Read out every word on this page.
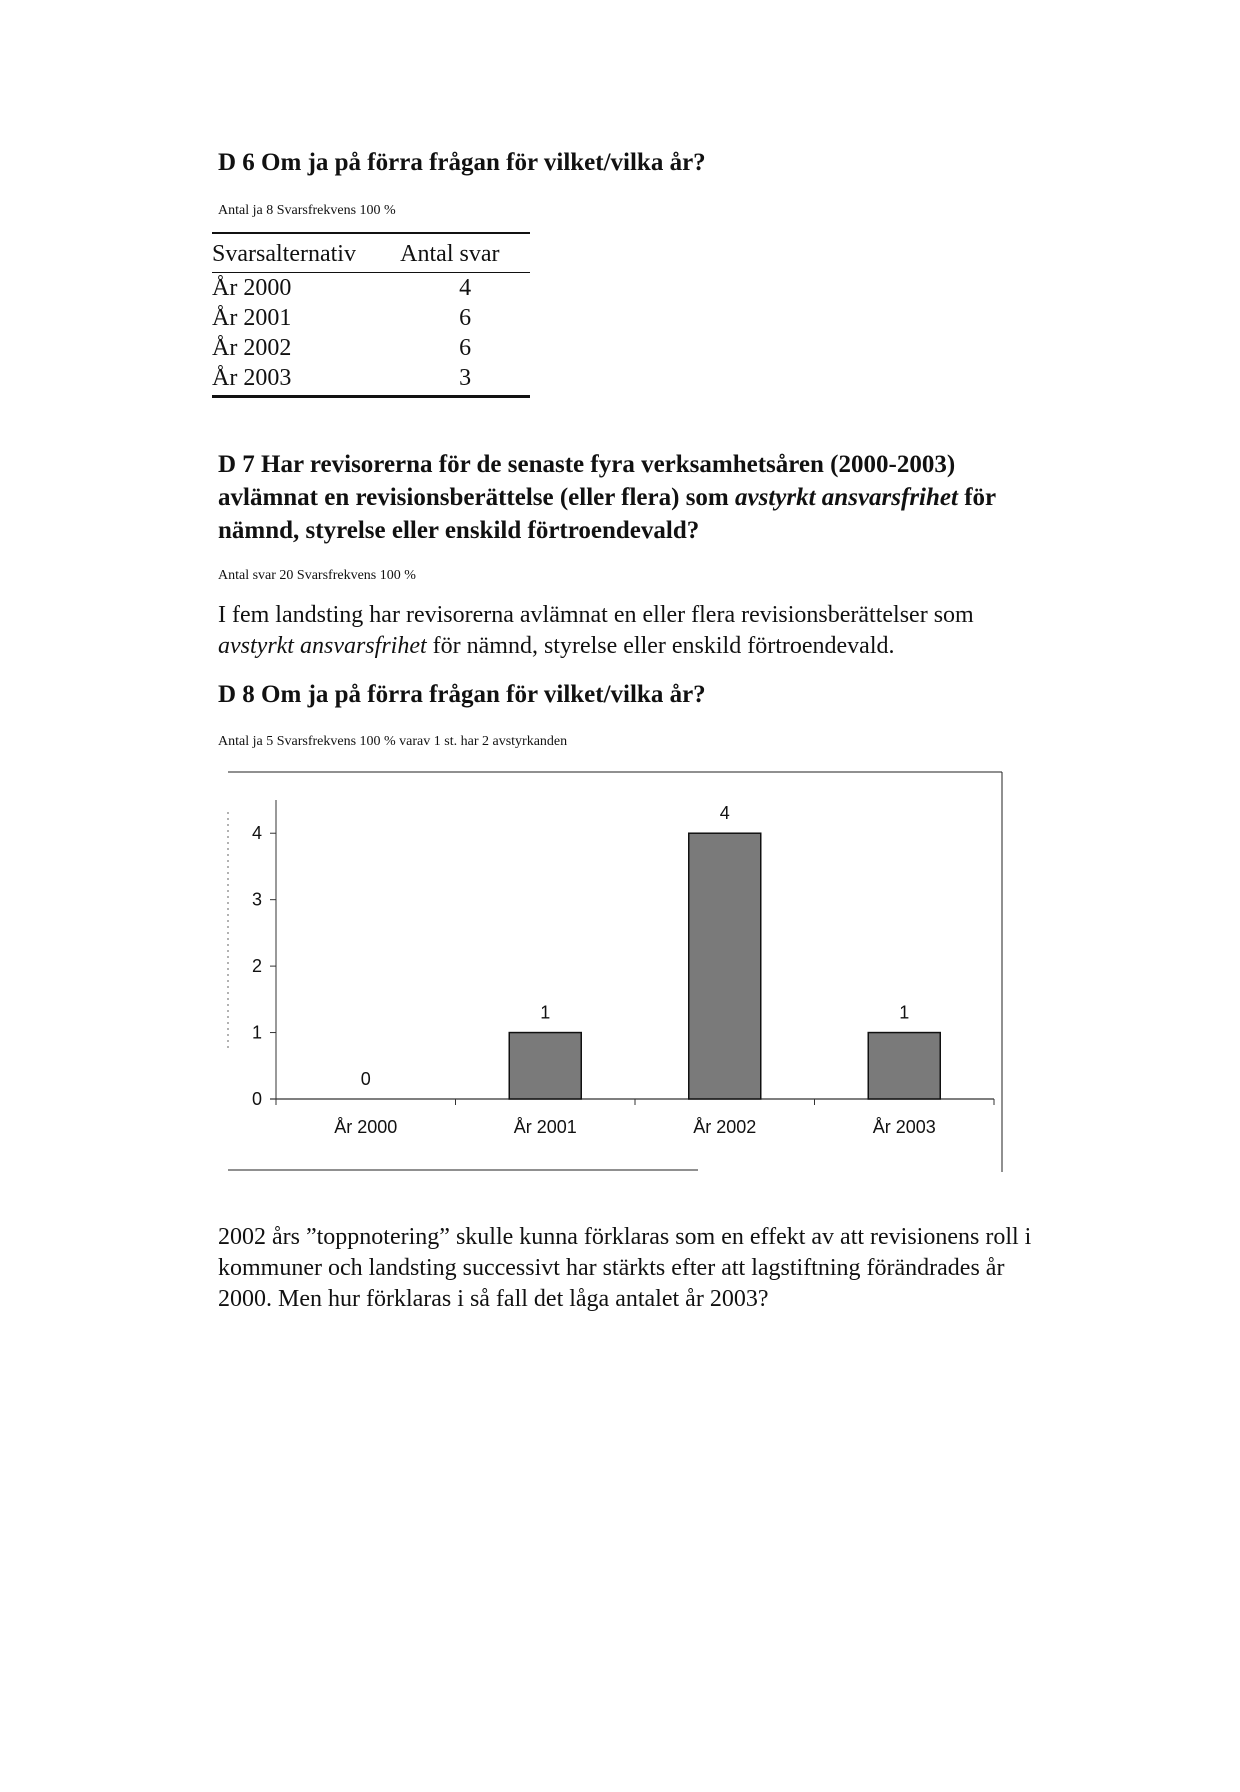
D 6 Om ja på förra frågan för vilket/vilka år?
Antal ja 8 Svarsfrekvens 100 %
Svarsalternativ	Antal svar
År 2000	4
År 2001	6
År 2002	6
År 2003	3
D 7 Har revisorerna för de senaste fyra verksamhetsåren (2000-2003) avlämnat en revisionsberättelse (eller flera) som avstyrkt ansvarsfrihet för nämnd, styrelse eller enskild förtroendevald?
Antal svar 20 Svarsfrekvens 100 %

I fem landsting har revisorerna avlämnat en eller flera revisionsberättelser som avstyrkt ansvarsfrihet för nämnd, styrelse eller enskild förtroendevald.

D 8 Om ja på förra frågan för vilket/vilka år?
Antal ja 5 Svarsfrekvens 100 % varav 1 st. har 2 avstyrkanden
0
1
2
3
4
0
År 2000
1
År 2001
4
År 2002
1
År 2003

2002 års ”toppnotering” skulle kunna förklaras som en effekt av att revisionens roll i kommuner och landsting successivt har stärkts efter att lagstiftning förändrades år 2000. Men hur förklaras i så fall det låga antalet år 2003?
